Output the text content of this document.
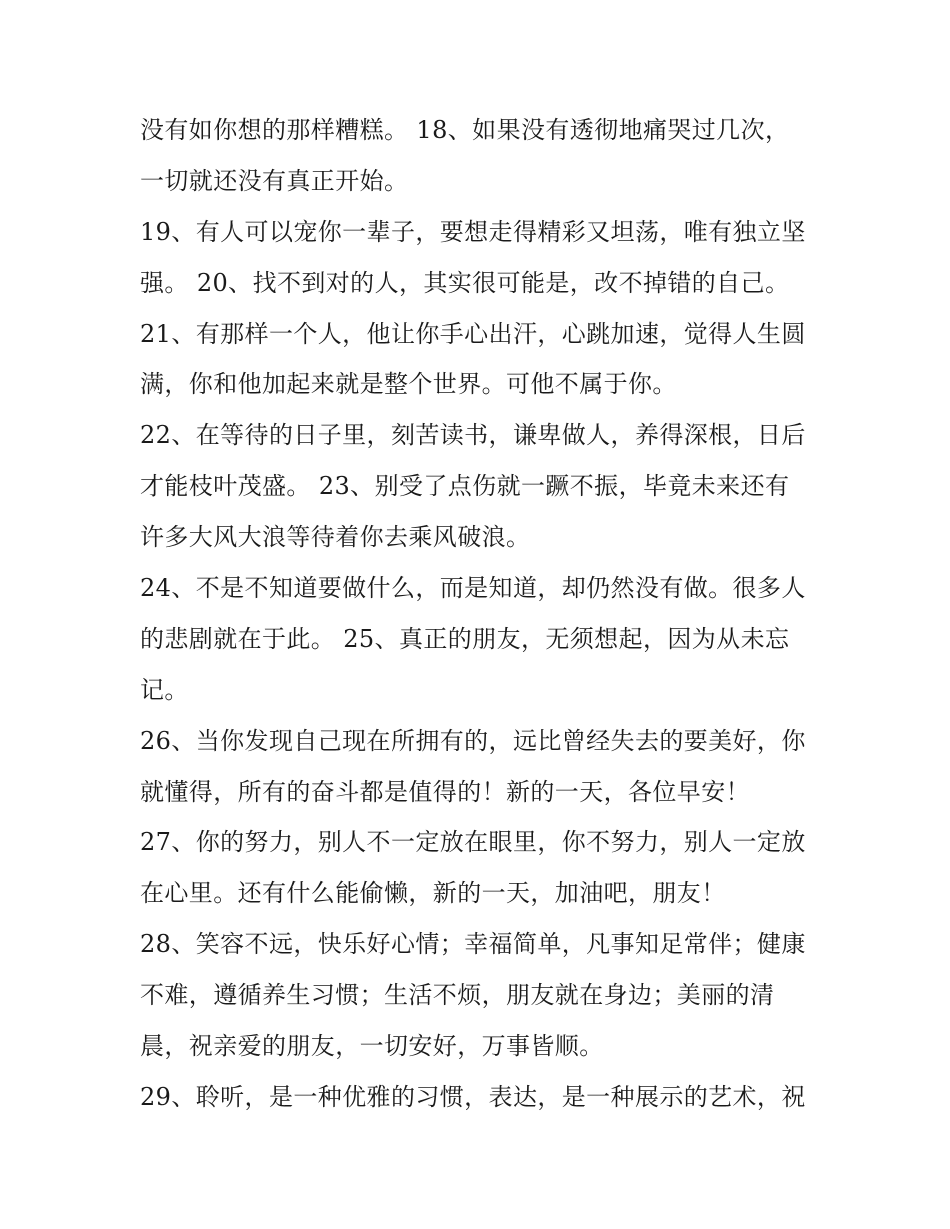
没有如你想的那样糟糕。 18、如果没有透彻地痛哭过几次，
一切就还没有真正开始。
19、有人可以宠你一辈子，要想走得精彩又坦荡，唯有独立坚
强。 20、找不到对的人，其实很可能是，改不掉错的自己。
21、有那样一个人，他让你手心出汗，心跳加速，觉得人生圆
满，你和他加起来就是整个世界。可他不属于你。
22、在等待的日子里，刻苦读书，谦卑做人，养得深根，日后
才能枝叶茂盛。 23、别受了点伤就一蹶不振，毕竟未来还有
许多大风大浪等待着你去乘风破浪。
24、不是不知道要做什么，而是知道，却仍然没有做。很多人
的悲剧就在于此。 25、真正的朋友，无须想起，因为从未忘
记。
26、当你发现自己现在所拥有的，远比曾经失去的要美好，你
就懂得，所有的奋斗都是值得的！新的一天，各位早安！
27、你的努力，别人不一定放在眼里，你不努力，别人一定放
在心里。还有什么能偷懒，新的一天，加油吧，朋友！
28、笑容不远，快乐好心情；幸福简单，凡事知足常伴；健康
不难，遵循养生习惯；生活不烦，朋友就在身边；美丽的清
晨，祝亲爱的朋友，一切安好，万事皆顺。
29、聆听，是一种优雅的习惯，表达，是一种展示的艺术，祝
